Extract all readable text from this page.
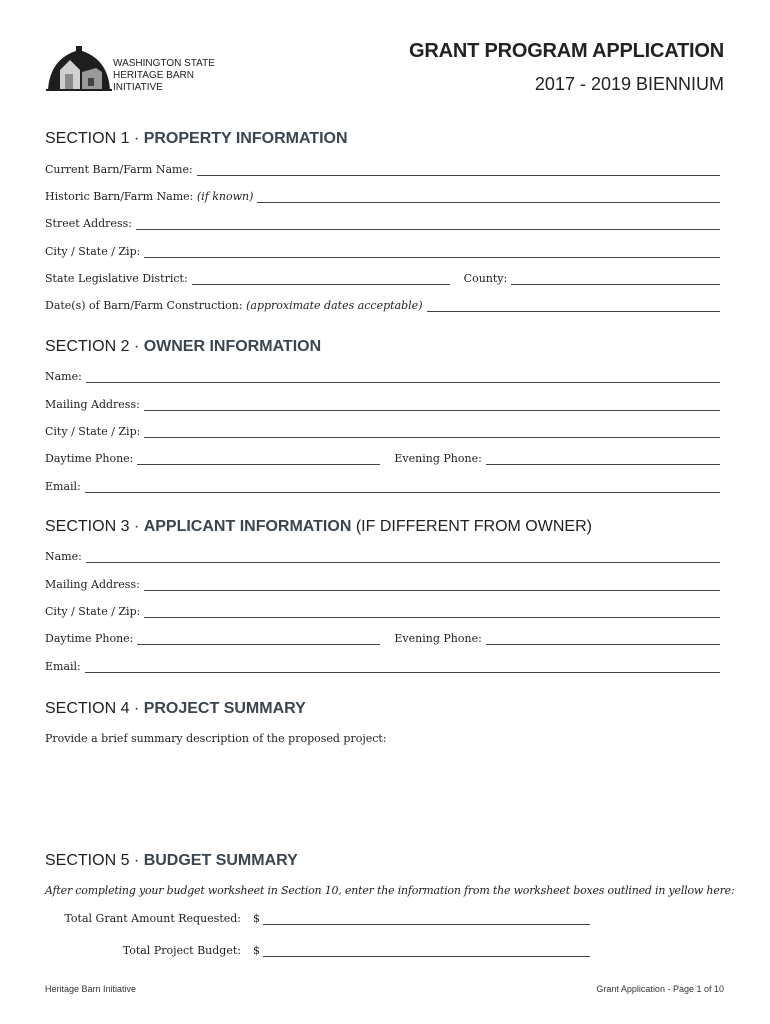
WASHINGTON STATE
HERITAGE BARN
INITIATIVE
GRANT PROGRAM APPLICATION
2017 - 2019 BIENNIUM
SECTION 1 · PROPERTY INFORMATION
Current Barn/Farm Name:
Historic Barn/Farm Name: (if known)
Street Address:
City / State / Zip:
State Legislative District:	County:
Date(s) of Barn/Farm Construction: (approximate dates acceptable)
SECTION 2 · OWNER INFORMATION
Name:
Mailing Address:
City / State / Zip:
Daytime Phone:	Evening Phone:
Email:
SECTION 3 · APPLICANT INFORMATION (IF DIFFERENT FROM OWNER)
Name:
Mailing Address:
City / State / Zip:
Daytime Phone:	Evening Phone:
Email:
SECTION 4 · PROJECT SUMMARY
Provide a brief summary description of the proposed project:
SECTION 5 · BUDGET SUMMARY
After completing your budget worksheet in Section 10, enter the information from the worksheet boxes outlined in yellow here:
Total Grant Amount Requested:	$
Total Project Budget:	$
Heritage Barn Initiative	Grant Application - Page 1 of 10
